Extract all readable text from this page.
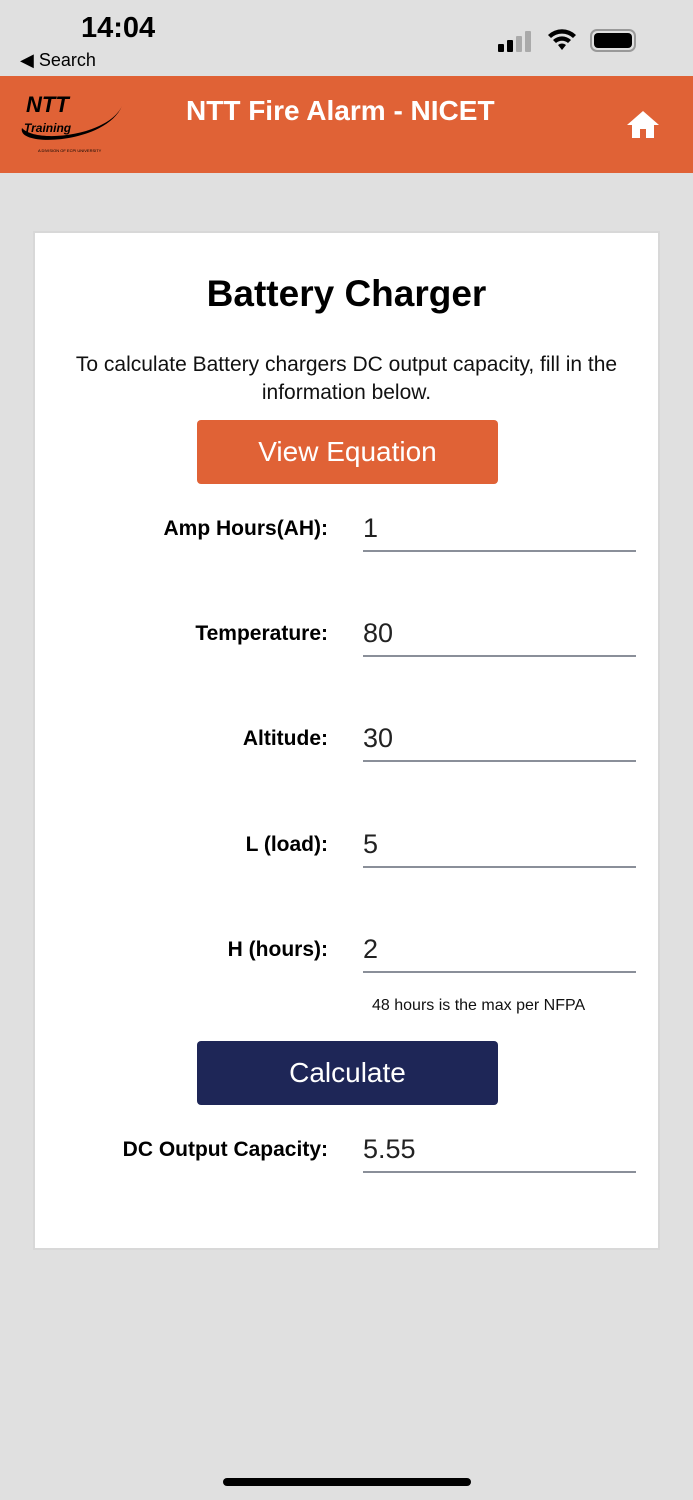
14:04
◀ Search
NTT
Training
A DIVISION OF ECPI UNIVERSITY
NTT Fire Alarm - NICET
Battery Charger
To calculate Battery chargers DC output capacity, fill in the information below.
View Equation
Amp Hours(AH): 1
Temperature: 80
Altitude: 30
L (load): 5
H (hours): 2
48 hours is the max per NFPA
Calculate
DC Output Capacity: 5.55
